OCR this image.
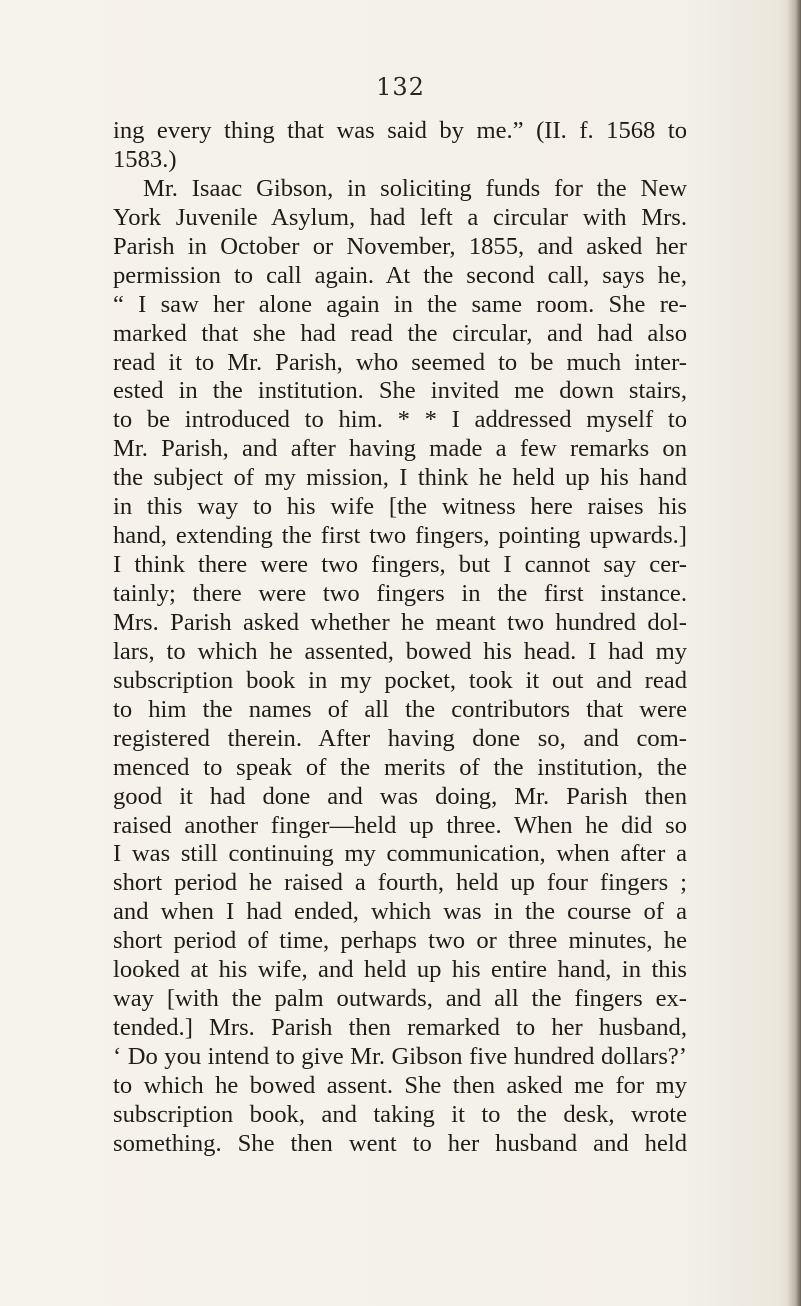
132
ing every thing that was said by me.” (II. f. 1568 to
1583.)
Mr. Isaac Gibson, in soliciting funds for the New
York Juvenile Asylum, had left a circular with Mrs.
Parish in October or November, 1855, and asked her
permission to call again. At the second call, says he,
“ I saw her alone again in the same room. She re-
marked that she had read the circular, and had also
read it to Mr. Parish, who seemed to be much inter-
ested in the institution. She invited me down stairs,
to be introduced to him. * * I addressed myself to
Mr. Parish, and after having made a few remarks on
the subject of my mission, I think he held up his hand
in this way to his wife [the witness here raises his
hand, extending the first two fingers, pointing upwards.]
I think there were two fingers, but I cannot say cer-
tainly; there were two fingers in the first instance.
Mrs. Parish asked whether he meant two hundred dol-
lars, to which he assented, bowed his head. I had my
subscription book in my pocket, took it out and read
to him the names of all the contributors that were
registered therein. After having done so, and com-
menced to speak of the merits of the institution, the
good it had done and was doing, Mr. Parish then
raised another finger—held up three. When he did so
I was still continuing my communication, when after a
short period he raised a fourth, held up four fingers ;
and when I had ended, which was in the course of a
short period of time, perhaps two or three minutes, he
looked at his wife, and held up his entire hand, in this
way [with the palm outwards, and all the fingers ex-
tended.] Mrs. Parish then remarked to her husband,
‘ Do you intend to give Mr. Gibson five hundred dollars?’
to which he bowed assent. She then asked me for my
subscription book, and taking it to the desk, wrote
something. She then went to her husband and held
